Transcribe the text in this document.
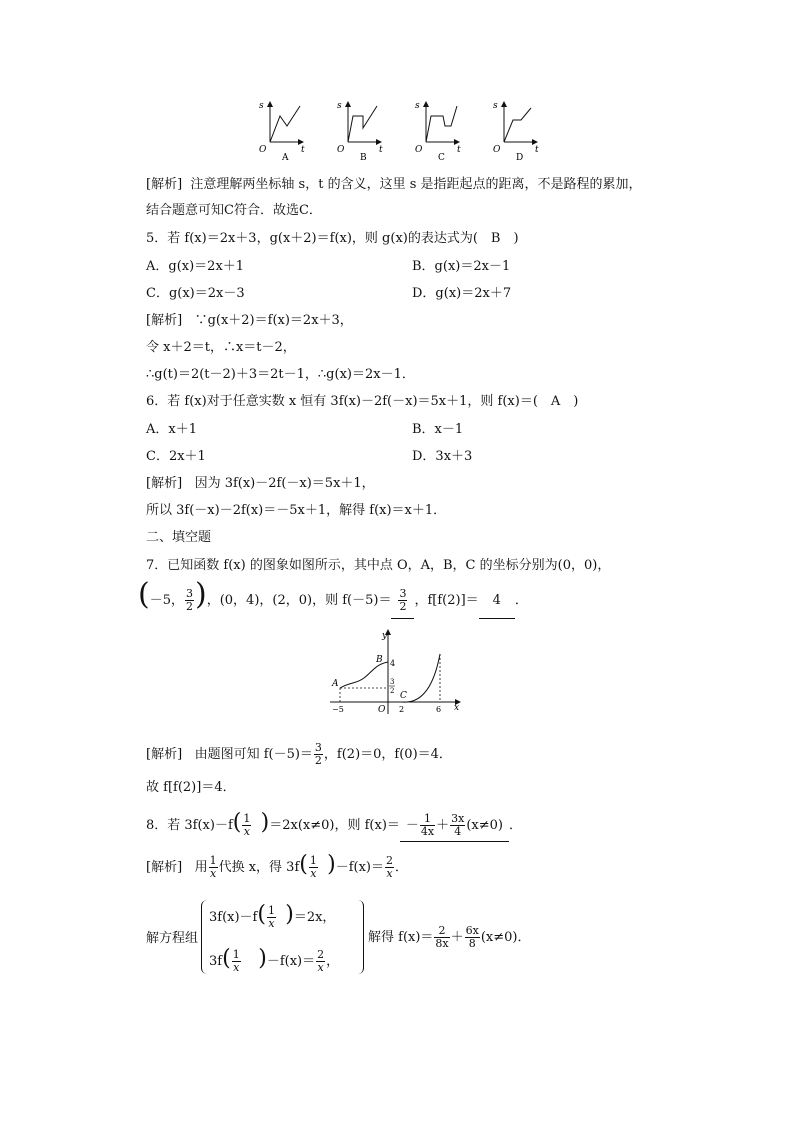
s
t
O
A
s
t
O
B
s
t
O
C
s
t
O
D
[解析] 注意理解两坐标轴 s，t 的含义，这里 s 是指距起点的距离，不是路程的累加，
结合题意可知C符合．故选C．
5．若 f(x)＝2x＋3，g(x＋2)＝f(x)，则 g(x)的表达式为(　B　)
A．g(x)＝2x＋1	B．g(x)＝2x－1
C．g(x)＝2x－3	D．g(x)＝2x＋7
[解析] ∵g(x＋2)＝f(x)＝2x＋3，
令 x＋2＝t，∴x＝t－2，
∴g(t)＝2(t－2)＋3＝2t－1，∴g(x)＝2x－1．
6．若 f(x)对于任意实数 x 恒有 3f(x)－2f(－x)＝5x＋1，则 f(x)＝(　A　)
A．x＋1	B．x－1
C．2x＋1	D．3x＋3
[解析] 因为 3f(x)－2f(－x)＝5x＋1，
所以 3f(－x)－2f(x)＝－5x＋1，解得 f(x)＝x＋1．
二、填空题
7．已知函数 f(x) 的图象如图所示，其中点 O，A，B，C 的坐标分别为(0，0)，
(－5， $\frac{3}{2}$ )，(0，4)，(2，0)，则 $f(-5)= \frac{3}{2}$ ，f[f(2)]＝ 4 ．
y
x
O
A
B
C
−5	2	6
4
3
2
[解析] 由题图可知 $f(-5)= \frac{3}{2}$ ，f(2)＝0，f(0)＝4．
故 f[f(2)]＝4．
8．若 $3f(x)-f( \frac{1}{x} )=2x(x\ne 0)$，则 $f(x)= - \frac{1}{4x} + \frac{3x}{4} (x\ne 0)$ ．
[解析] 用 $\frac{1}{x}$ 代换 x，得 $3f( \frac{1}{x} )-f(x)= \frac{2}{x}$ ．
解方程组
$3f(x)-f( \frac{1}{x} )=2x$，
$3f( \frac{1}{x} )-f(x)= \frac{2}{x}$ ，
解得 $f(x)= \frac{2}{8x} + \frac{6x}{8} (x\ne 0)$．
